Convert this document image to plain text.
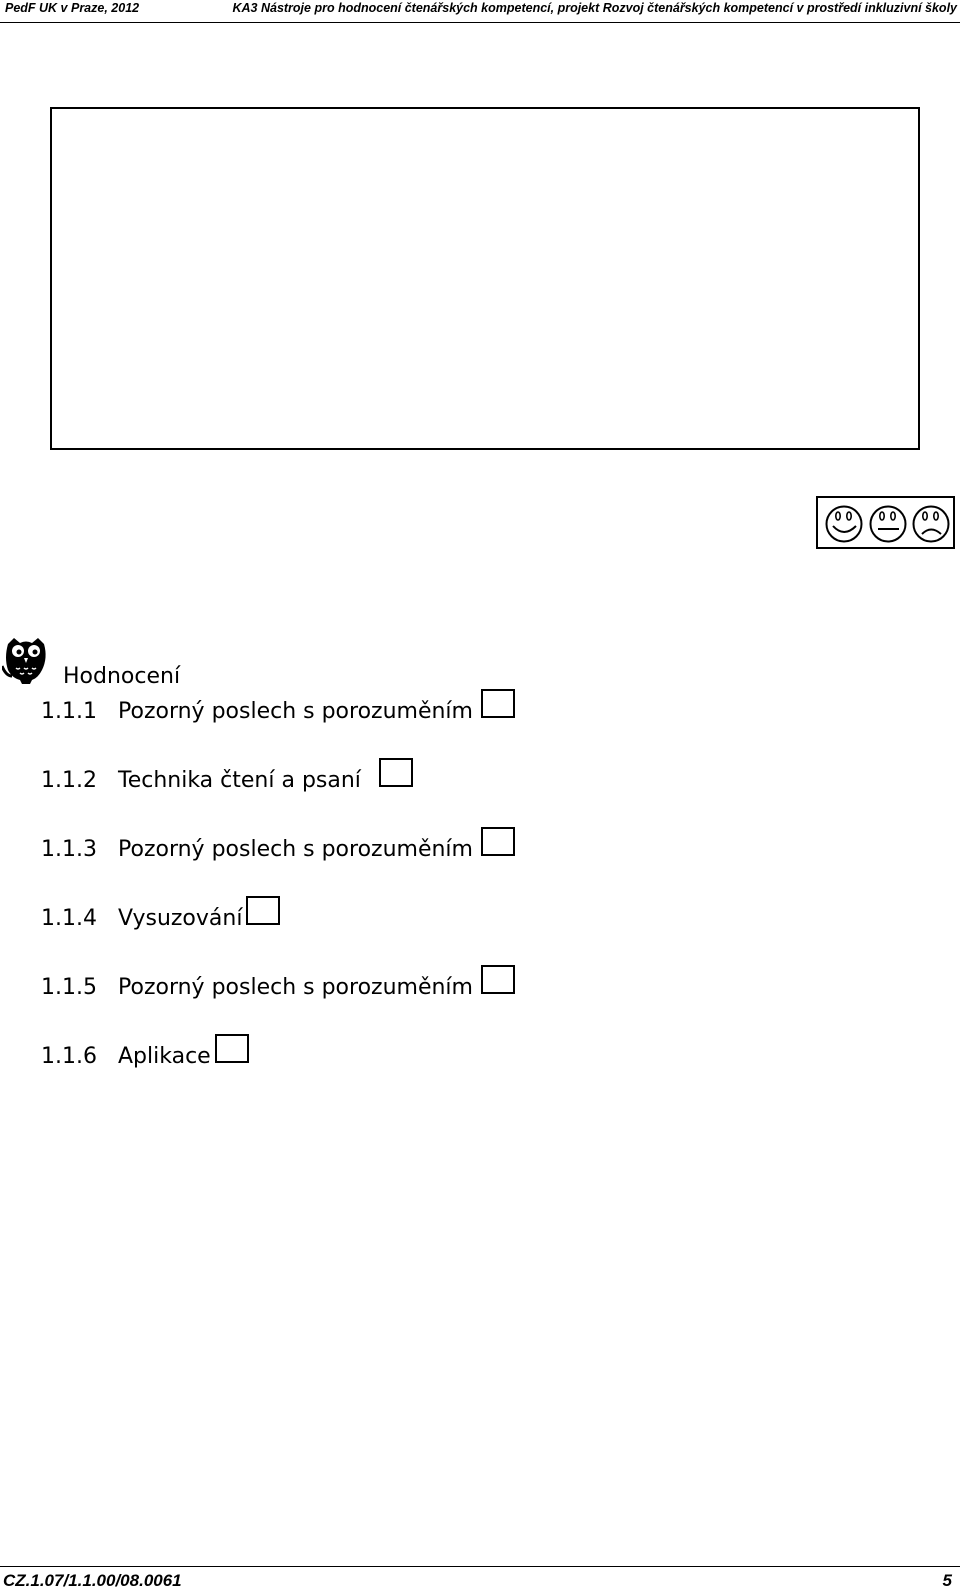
PedF UK v Praze, 2012	KA3 Nástroje pro hodnocení čtenářských kompetencí, projekt Rozvoj čtenářských kompetencí v prostředí inkluzivní školy
Hodnocení
1.1.1 Pozorný poslech s porozuměním
1.1.2 Technika čtení a psaní
1.1.3 Pozorný poslech s porozuměním
1.1.4 Vysuzování
1.1.5 Pozorný poslech s porozuměním
1.1.6 Aplikace
CZ.1.07/1.1.00/08.0061	5
